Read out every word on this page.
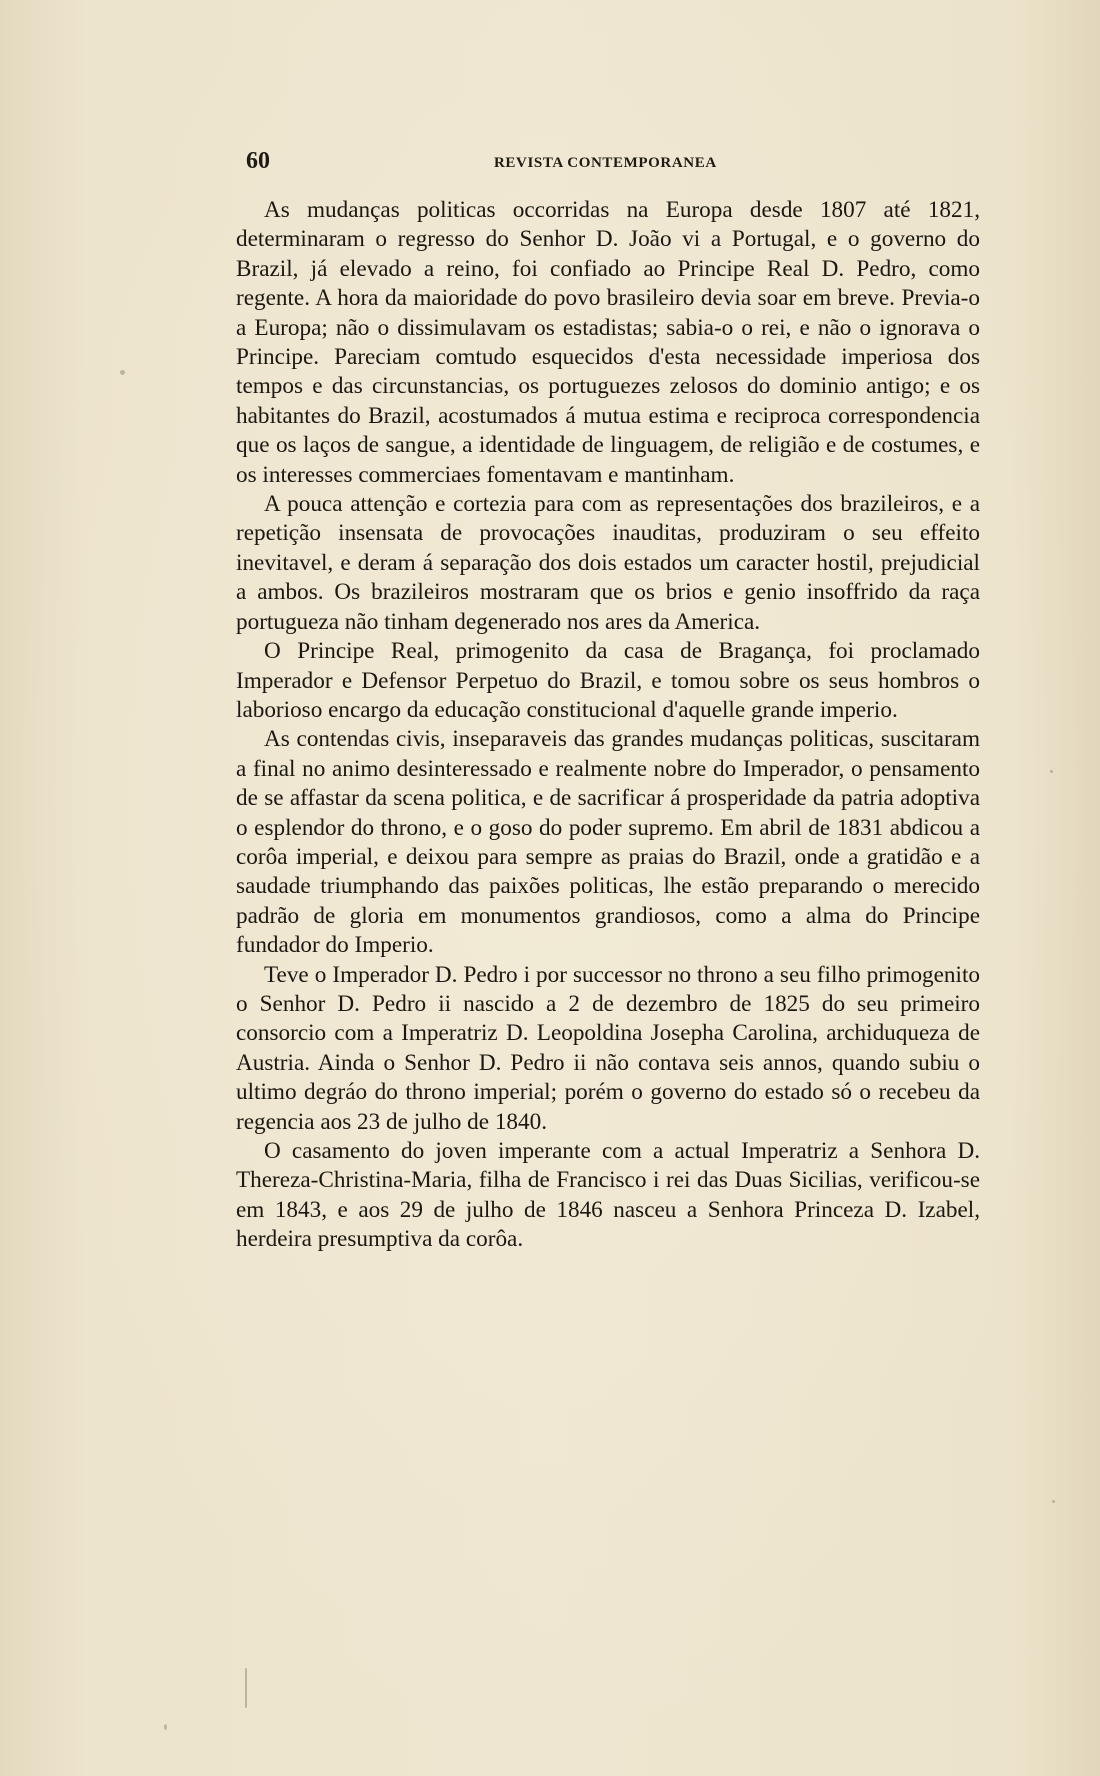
60	REVISTA CONTEMPORANEA

As mudanças politicas occorridas na Europa desde 1807 até 1821, determinaram o regresso do Senhor D. João vi a Portugal, e o governo do Brazil, já elevado a reino, foi confiado ao Principe Real D. Pedro, como regente. A hora da maioridade do povo brasileiro devia soar em breve. Previa-o a Europa; não o dissimulavam os estadistas; sabia-o o rei, e não o ignorava o Principe. Pareciam comtudo esquecidos d'esta necessidade imperiosa dos tempos e das circunstancias, os portuguezes zelosos do dominio antigo; e os habitantes do Brazil, acostumados á mutua estima e reciproca correspondencia que os laços de sangue, a identidade de linguagem, de religião e de costumes, e os interesses commerciaes fomentavam e mantinham.

A pouca attenção e cortezia para com as representações dos brazileiros, e a repetição insensata de provocações inauditas, produziram o seu effeito inevitavel, e deram á separação dos dois estados um caracter hostil, prejudicial a ambos. Os brazileiros mostraram que os brios e genio insoffrido da raça portugueza não tinham degenerado nos ares da America.

O Principe Real, primogenito da casa de Bragança, foi proclamado Imperador e Defensor Perpetuo do Brazil, e tomou sobre os seus hombros o laborioso encargo da educação constitucional d'aquelle grande imperio.

As contendas civis, inseparaveis das grandes mudanças politicas, suscitaram a final no animo desinteressado e realmente nobre do Imperador, o pensamento de se affastar da scena politica, e de sacrificar á prosperidade da patria adoptiva o esplendor do throno, e o goso do poder supremo. Em abril de 1831 abdicou a corôa imperial, e deixou para sempre as praias do Brazil, onde a gratidão e a saudade triumphando das paixões politicas, lhe estão preparando o merecido padrão de gloria em monumentos grandiosos, como a alma do Principe fundador do Imperio.

Teve o Imperador D. Pedro i por successor no throno a seu filho primogenito o Senhor D. Pedro ii nascido a 2 de dezembro de 1825 do seu primeiro consorcio com a Imperatriz D. Leopoldina Josepha Carolina, archiduqueza de Austria. Ainda o Senhor D. Pedro ii não contava seis annos, quando subiu o ultimo degráo do throno imperial; porém o governo do estado só o recebeu da regencia aos 23 de julho de 1840.

O casamento do joven imperante com a actual Imperatriz a Senhora D. Thereza-Christina-Maria, filha de Francisco i rei das Duas Sicilias, verificou-se em 1843, e aos 29 de julho de 1846 nasceu a Senhora Princeza D. Izabel, herdeira presumptiva da corôa.
